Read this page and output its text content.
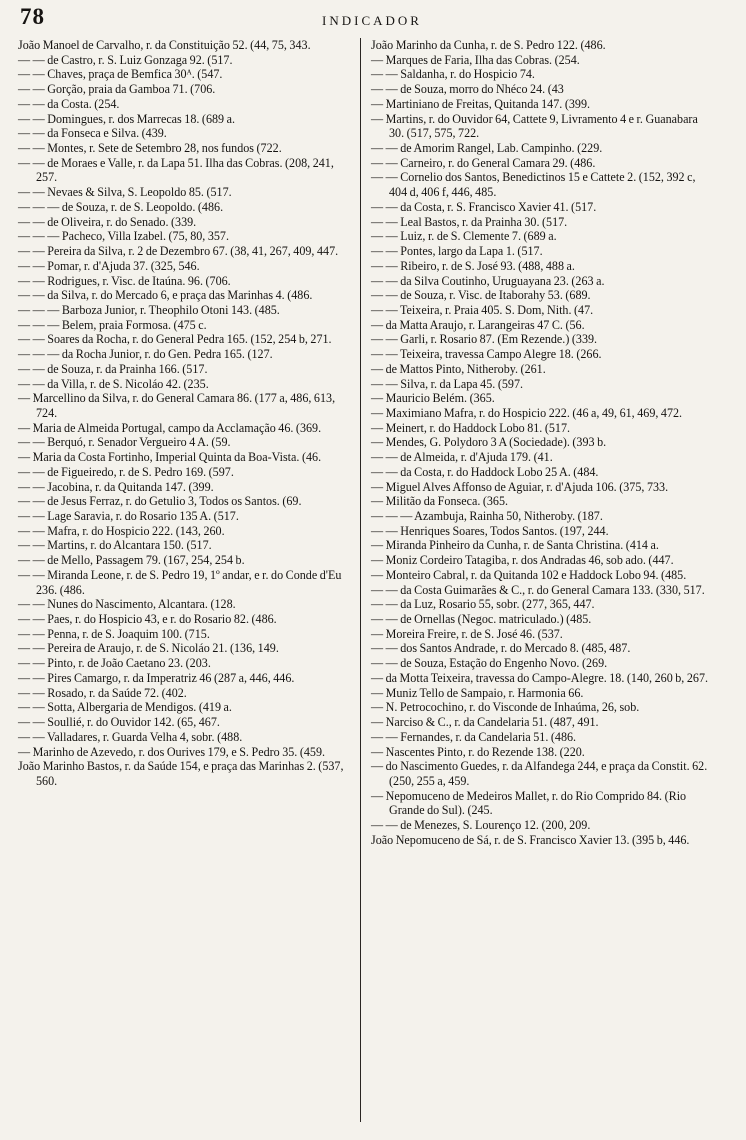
78	INDICADOR
João Manoel de Carvalho, r. da Constituição 52. (44, 75, 343.
— — de Castro, r. S. Luiz Gonzaga 92. (517.
— — Chaves, praça de Bemfica 30ᴬ. (547.
— — Gorção, praia da Gamboa 71. (706.
— — da Costa. (254.
— — Domingues, r. dos Marrecas 18. (689 a.
— — da Fonseca e Silva. (439.
— — Montes, r. Sete de Setembro 28, nos fundos (722.
— — de Moraes e Valle, r. da Lapa 51. Ilha das Cobras. (208, 241, 257.
— — Nevaes & Silva, S. Leopoldo 85. (517.
— — — de Souza, r. de S. Leopoldo. (486.
— — de Oliveira, r. do Senado. (339.
— — — Pacheco, Villa Izabel. (75, 80, 357.
— — Pereira da Silva, r. 2 de Dezembro 67. (38, 41, 267, 409, 447.
— — Pomar, r. d'Ajuda 37. (325, 546.
— — Rodrigues, r. Visc. de Itaúna. 96. (706.
— — da Silva, r. do Mercado 6, e praça das Marinhas 4. (486.
— — — Barboza Junior, r. Theophilo Otoni 143. (485.
— — — Belem, praia Formosa. (475 c.
— — Soares da Rocha, r. do General Pedra 165. (152, 254 b, 271.
— — — da Rocha Junior, r. do Gen. Pedra 165. (127.
— — de Souza, r. da Prainha 166. (517.
— — da Villa, r. de S. Nicoláo 42. (235.
— Marcellino da Silva, r. do General Camara 86. (177 a, 486, 613, 724.
— Maria de Almeida Portugal, campo da Acclamação 46. (369.
— — Berquó, r. Senador Vergueiro 4 A. (59.
— Maria da Costa Fortinho, Imperial Quinta da Boa-Vista. (46.
— — de Figueiredo, r. de S. Pedro 169. (597.
— — Jacobina, r. da Quitanda 147. (399.
— — de Jesus Ferraz, r. do Getulio 3, Todos os Santos. (69.
— — Lage Saravia, r. do Rosario 135 A. (517.
— — Mafra, r. do Hospicio 222. (143, 260.
— — Martins, r. do Alcantara 150. (517.
— — de Mello, Passagem 79. (167, 254, 254 b.
— — Miranda Leone, r. de S. Pedro 19, 1º andar, e r. do Conde d'Eu 236. (486.
— — Nunes do Nascimento, Alcantara. (128.
— — Paes, r. do Hospicio 43, e r. do Rosario 82. (486.
— — Penna, r. de S. Joaquim 100. (715.
— — Pereira de Araujo, r. de S. Nicoláo 21. (136, 149.
— — Pinto, r. de João Caetano 23. (203.
— — Pires Camargo, r. da Imperatriz 46 (287 a, 446, 446.
— — Rosado, r. da Saúde 72. (402.
— — Sotta, Albergaria de Mendigos. (419 a.
— — Soullié, r. do Ouvidor 142. (65, 467.
— — Valladares, r. Guarda Velha 4, sobr. (488.
— Marinho de Azevedo, r. dos Ourives 179, e S. Pedro 35. (459.
João Marinho Bastos, r. da Saúde 154, e praça das Marinhas 2. (537, 560.
João Marinho da Cunha, r. de S. Pedro 122. (486.
— Marques de Faria, Ilha das Cobras. (254.
— — Saldanha, r. do Hospicio 74.
— — de Souza, morro do Nhéco 24. (43
— Martiniano de Freitas, Quitanda 147. (399.
— Martins, r. do Ouvidor 64, Cattete 9, Livramento 4 e r. Guanabara 30. (517, 575, 722.
— — de Amorim Rangel, Lab. Campinho. (229.
— — Carneiro, r. do General Camara 29. (486.
— — Cornelio dos Santos, Benedictinos 15 e Cattete 2. (152, 392 c, 404 d, 406 f, 446, 485.
— — da Costa, r. S. Francisco Xavier 41. (517.
— — Leal Bastos, r. da Prainha 30. (517.
— — Luiz, r. de S. Clemente 7. (689 a.
— — Pontes, largo da Lapa 1. (517.
— — Ribeiro, r. de S. José 93. (488, 488 a.
— — da Silva Coutinho, Uruguayana 23. (263 a.
— — de Souza, r. Visc. de Itaborahy 53. (689.
— — Teixeira, r. Praia 405. S. Dom, Nith. (47.
— da Matta Araujo, r. Larangeiras 47 C. (56.
— — Garli, r. Rosario 87. (Em Rezende.) (339.
— — Teixeira, travessa Campo Alegre 18. (266.
— de Mattos Pinto, Nitheroby. (261.
— — Silva, r. da Lapa 45. (597.
— Mauricio Belém. (365.
— Maximiano Mafra, r. do Hospicio 222. (46 a, 49, 61, 469, 472.
— Meinert, r. do Haddock Lobo 81. (517.
— Mendes, G. Polydoro 3 A (Sociedade). (393 b.
— — de Almeida, r. d'Ajuda 179. (41.
— — da Costa, r. do Haddock Lobo 25 A. (484.
— Miguel Alves Affonso de Aguiar, r. d'Ajuda 106. (375, 733.
— Militão da Fonseca. (365.
— — — Azambuja, Rainha 50, Nitheroby. (187.
— — Henriques Soares, Todos Santos. (197, 244.
— Miranda Pinheiro da Cunha, r. de Santa Christina. (414 a.
— Moniz Cordeiro Tatagiba, r. dos Andradas 46, sob ado. (447.
— Monteiro Cabral, r. da Quitanda 102 e Haddock Lobo 94. (485.
— — da Costa Guimarães & C., r. do General Camara 133. (330, 517.
— — da Luz, Rosario 55, sobr. (277, 365, 447.
— — de Ornellas (Negoc. matriculado.) (485.
— Moreira Freire, r. de S. José 46. (537.
— — dos Santos Andrade, r. do Mercado 8. (485, 487.
— — de Souza, Estação do Engenho Novo. (269.
— da Motta Teixeira, travessa do Campo-Alegre. 18. (140, 260 b, 267.
— Muniz Tello de Sampaio, r. Harmonia 66.
— N. Petrocochino, r. do Visconde de Inhaúma, 26, sob.
— Narciso & C., r. da Candelaria 51. (487, 491.
— — Fernandes, r. da Candelaria 51. (486.
— Nascentes Pinto, r. do Rezende 138. (220.
— do Nascimento Guedes, r. da Alfandega 244, e praça da Constit. 62. (250, 255 a, 459.
— Nepomuceno de Medeiros Mallet, r. do Rio Comprido 84. (Rio Grande do Sul). (245.
— — de Menezes, S. Lourenço 12. (200, 209.
João Nepomuceno de Sá, r. de S. Francisco Xavier 13. (395 b, 446.
